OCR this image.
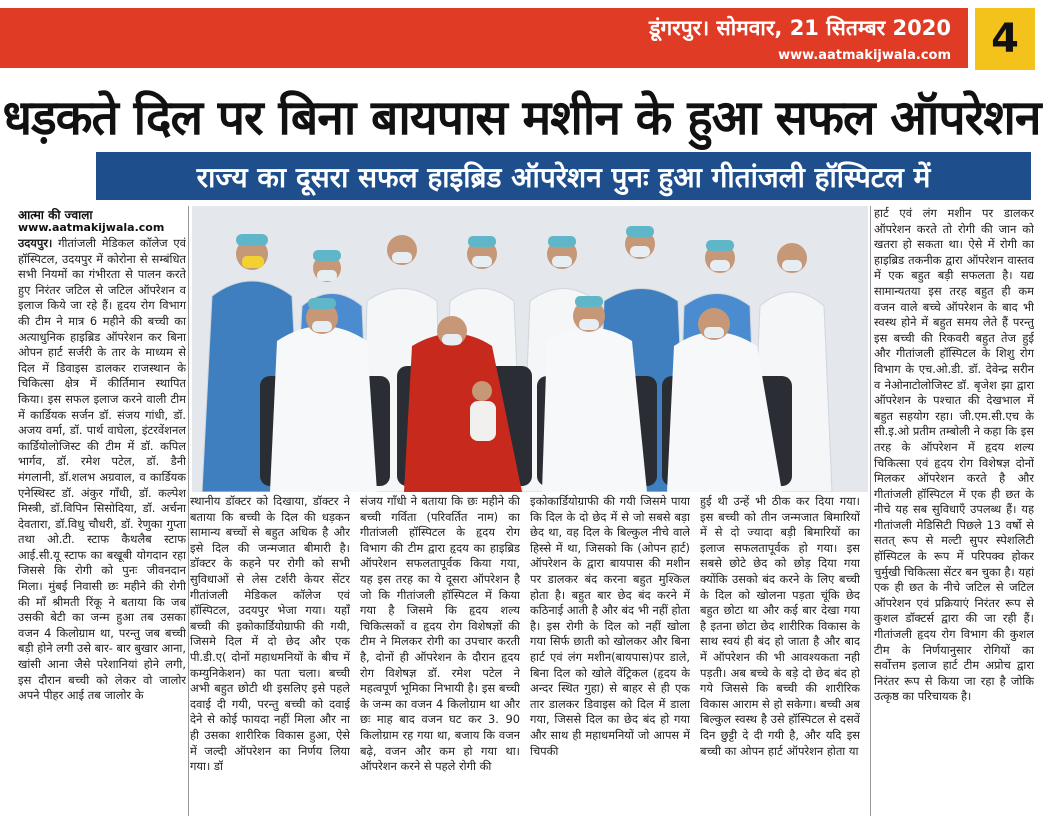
डूंगरपुर। सोमवार, 21 सितम्बर 2020
www.aatmakijwala.com	4
धड़कते दिल पर बिना बायपास मशीन के हुआ सफल ऑपरेशन
राज्य का दूसरा सफल हाइब्रिड ऑपरेशन पुनः हुआ गीतांजली हॉस्पिटल में
आत्मा की ज्वाला
www.aatmakijwala.com
उदयपुर। गीतांजली मेडिकल कॉलेज एवं हॉस्पिटल, उदयपुर में कोरोना से सम्बंधित सभी नियमों का गंभीरता से पालन करते हुए निरंतर जटिल से जटिल ऑपरेशन व इलाज किये जा रहे हैं। हृदय रोग विभाग की टीम ने मात्र 6 महीने की बच्ची का अत्याधुनिक हाइब्रिड ऑपरेशन कर बिना ओपन हार्ट सर्जरी के तार के माध्यम से दिल में डिवाइस डालकर राजस्थान के चिकित्सा क्षेत्र में कीर्तिमान स्थापित किया। इस सफल इलाज करने वाली टीम में कार्डियक सर्जन डॉ. संजय गांधी, डॉ. अजय वर्मा, डॉ. पार्थ वाघेला, इंटरवेंशनल कार्डियोलोजिस्ट की टीम में डॉ. कपिल भार्गव, डॉ. रमेश पटेल, डॉ. डैनी मंगलानी, डॉ.शलभ अग्रवाल, व कार्डियक एनेस्थिस्ट डॉ. अंकुर गाँधी, डॉ. कल्पेश मिस्त्री, डॉ.विपिन सिसोदिया, डॉ. अर्चना देवतारा, डॉ.विधु चौधरी, डॉ. रेणुका गुप्ता तथा ओ.टी. स्टाफ कैथलैब स्टाफ आई.सी.यू स्टाफ का बखूबी योगदान रहा जिससे कि रोगी को पुनः जीवनदान मिला। मुंबई निवासी छः महीने की रोगी की माँ श्रीमती रिंकू ने बताया कि जब उसकी बेटी का जन्म हुआ तब उसका वजन 4 किलोग्राम था, परन्तु जब बच्ची बड़ी होने लगी उसे बार- बार बुखार आना, खांसी आना जैसे परेशानियां होने लगी, इस दौरान बच्ची को लेकर वो जालोर अपने पीहर आई तब जालोर के
स्थानीय डॉक्टर को दिखाया, डॉक्टर ने बताया कि बच्ची के दिल की धड़कन सामान्य बच्चों से बहुत अधिक है और इसे दिल की जन्मजात बीमारी है। डॉक्टर के कहने पर रोगी को सभी सुविधाओं से लेस टर्शरी केयर सेंटर गीतांजली मेडिकल कॉलेज एवं हॉस्पिटल, उदयपुर भेजा गया। यहाँ बच्ची की इकोकार्डियोग्राफी की गयी, जिसमे दिल में दो छेद और एक पी.डी.ए( दोनों महाधमनियों के बीच में कम्युनिकेशन) का पता चला। बच्ची अभी बहुत छोटी थी इसलिए इसे पहले दवाई दी गयी, परन्तु बच्ची को दवाई देने से कोई फायदा नहीं मिला और ना ही उसका शारीरिक विकास हुआ, ऐसे में जल्दी ऑपरेशन का निर्णय लिया गया। डॉ
संजय गाँधी ने बताया कि छः महीने की बच्ची गर्विता (परिवर्तित नाम) का गीतांजली हॉस्पिटल के हृदय रोग विभाग की टीम द्वारा हृदय का हाइब्रिड ऑपरेशन सफलतापूर्वक किया गया, यह इस तरह का ये दूसरा ऑपरेशन है जो कि गीतांजली हॉस्पिटल में किया गया है जिसमे कि हृदय शल्य चिकित्सकों व हृदय रोग विशेषज्ञों की टीम ने मिलकर रोगी का उपचार करती है, दोनों ही ऑपरेशन के दौरान हृदय रोग विशेषज्ञ डॉ. रमेश पटेल ने महत्वपूर्ण भूमिका निभायी है। इस बच्ची के जन्म का वजन 4 किलोग्राम था और छः माह बाद वजन घट कर 3. 90 किलोग्राम रह गया था, बजाय कि वजन बढ़े, वजन और कम हो गया था। ऑपरेशन करने से पहले रोगी की
इकोकार्डियोग्राफी की गयी जिसमे पाया कि दिल के दो छेद में से जो सबसे बड़ा छेद था, वह दिल के बिल्कुल नीचे वाले हिस्से में था, जिसको कि (ओपन हार्ट) ऑपरेशन के द्वारा बायपास की मशीन पर डालकर बंद करना बहुत मुश्किल होता है। बहुत बार छेद बंद करने में कठिनाई आती है और बंद भी नहीं होता है। इस रोगी के दिल को नहीं खोला गया सिर्फ छाती को खोलकर और बिना हार्ट एवं लंग मशीन(बायपास)पर डाले, बिना दिल को खोले वेंट्रिकल (हृदय के अन्दर स्थित गुहा) से बाहर से ही एक तार डालकर डिवाइस को दिल में डाला गया, जिससे दिल का छेद बंद हो गया और साथ ही महाधमनियों जो आपस में चिपकी
हुई थी उन्हें भी ठीक कर दिया गया। इस बच्ची को तीन जन्मजात बिमारियों में से दो ज्यादा बड़ी बिमारियों का इलाज सफलतापूर्वक हो गया। इस सबसे छोटे छेद को छोड़ दिया गया क्योंकि उसको बंद करने के लिए बच्ची के दिल को खोलना पड़ता चूंकि छेद बहुत छोटा था और कई बार देखा गया है इतना छोटा छेद शारीरिक विकास के साथ स्वयं ही बंद हो जाता है और बाद में ऑपरेशन की भी आवश्यकता नही पड़ती। अब बच्चे के बड़े दो छेद बंद हो गये जिससे कि बच्ची की शारीरिक विकास आराम से हो सकेगा। बच्ची अब बिल्कुल स्वस्थ है उसे हॉस्पिटल से दसवें दिन छुट्टी दे दी गयी है, और यदि इस बच्ची का ओपन हार्ट ऑपरेशन होता या
हार्ट एवं लंग मशीन पर डालकर ऑपरेशन करते तो रोगी की जान को खतरा हो सकता था। ऐसे में रोगी का हाइब्रिड तकनीक द्वारा ऑपरेशन वास्तव में एक बहुत बड़ी सफलता है। यद्य सामान्यतया इस तरह बहुत ही कम वजन वाले बच्चे ऑपरेशन के बाद भी स्वस्थ होने में बहुत समय लेते हैं परन्तु इस बच्ची की रिकवरी बहुत तेज हुई और गीतांजली हॉस्पिटल के शिशु रोग विभाग के एच.ओ.डी. डॉ. देवेन्द्र सरीन व नेओनाटोलोजिस्ट डॉ. बृजेश झा द्वारा ऑपरेशन के पश्चात की देखभाल में बहुत सहयोग रहा। जी.एम.सी.एच के सी.इ.ओ प्रतीम तम्बोली ने कहा कि इस तरह के ऑपरेशन में हृदय शल्य चिकित्सा एवं हृदय रोग विशेषज्ञ दोनों मिलकर ऑपरेशन करते है और गीतांजली हॉस्पिटल में एक ही छत के नीचे यह सब सुविधाएँ उपलब्ध हैं। यह गीतांजली मेडिसिटी पिछले 13 वर्षो से सतत् रूप से मल्टी सुपर स्पेशलिटी हॉस्पिटल के रूप में परिपक्व होकर चुर्मुखी चिकित्सा सेंटर बन चुका है। यहां एक ही छत के नीचे जटिल से जटिल ऑपरेशन एवं प्रक्रियाएं निरंतर रूप से कुशल डॉक्टर्स द्वारा की जा रही हैं। गीतांजली हृदय रोग विभाग की कुशल टीम के निर्णयानुसार रोगियों का सर्वोत्तम इलाज हार्ट टीम अप्रोच द्वारा निरंतर रूप से किया जा रहा है जोकि उत्कृष्ठ का परिचायक है।
